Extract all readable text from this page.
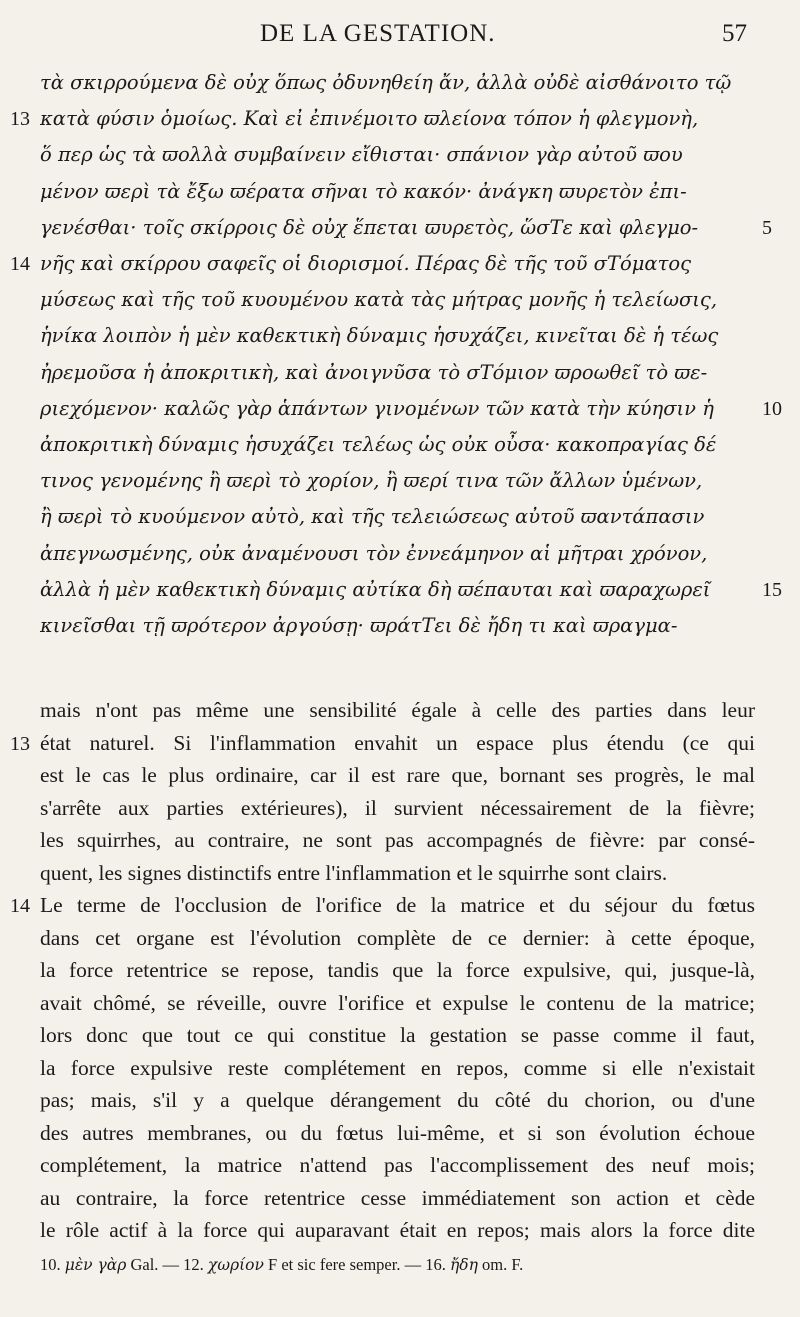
DE LA GESTATION.	57
τὰ σκιρρούμενα δὲ οὐχ ὅπως ὀδυνηθείη ἄν, ἀλλὰ οὐδὲ αἰσθάνοιτο τῷ
κατὰ φύσιν ὁμοίως. Καὶ εἰ ἐπινέμοιτο ϖλείονα τόπον ἡ φλεγμονὴ,
ὅ περ ὡς τὰ ϖολλὰ συμβαίνειν εἴθισται· σπάνιον γὰρ αὐτοῦ ϖου
μένον ϖερὶ τὰ ἔξω ϖέρατα σῆναι τὸ κακόν· ἀνάγκη ϖυρετὸν ἐπι-
γενέσθαι· τοῖς σκίρροις δὲ οὐχ ἕπεται ϖυρετὸς, ὥσΤε καὶ φλεγμο-
νῆς καὶ σκίρρου σαφεῖς οἱ διορισμοί. Πέρας δὲ τῆς τοῦ σΤόματος
μύσεως καὶ τῆς τοῦ κυουμένου κατὰ τὰς μήτρας μονῆς ἡ τελείωσις,
ἡνίκα λοιπὸν ἡ μὲν καθεκτικὴ δύναμις ἡσυχάζει, κινεῖται δὲ ἡ τέως
ἠρεμοῦσα ἡ ἀποκριτικὴ, καὶ ἀνοιγνῦσα τὸ σΤόμιον ϖροωθεῖ τὸ ϖε-
ριεχόμενον· καλῶς γὰρ ἁπάντων γινομένων τῶν κατὰ τὴν κύησιν ἡ
ἀποκριτικὴ δύναμις ἡσυχάζει τελέως ὡς οὐκ οὖσα· κακοπραγίας δέ
τινος γενομένης ἢ ϖερὶ τὸ χορίον, ἢ ϖερί τινα τῶν ἄλλων ὑμένων,
ἢ ϖερὶ τὸ κυούμενον αὐτὸ, καὶ τῆς τελειώσεως αὐτοῦ ϖαντάπασιν
ἀπεγνωσμένης, οὐκ ἀναμένουσι τὸν ἐννεάμηνον αἱ μῆτραι χρόνον,
ἀλλὰ ἡ μὲν καθεκτικὴ δύναμις αὐτίκα δὴ ϖέπαυται καὶ ϖαραχωρεῖ
κινεῖσθαι τῇ ϖρότερον ἀργούσῃ· ϖράτΤει δὲ ἤδη τι καὶ ϖραγμα-
mais n'ont pas même une sensibilité égale à celle des parties dans leur
état naturel. Si l'inflammation envahit un espace plus étendu (ce qui
est le cas le plus ordinaire, car il est rare que, bornant ses progrès, le mal
s'arrête aux parties extérieures), il survient nécessairement de la fièvre;
les squirrhes, au contraire, ne sont pas accompagnés de fièvre: par consé-
quent, les signes distinctifs entre l'inflammation et le squirrhe sont clairs.
Le terme de l'occlusion de l'orifice de la matrice et du séjour du fœtus
dans cet organe est l'évolution complète de ce dernier: à cette époque,
la force retentrice se repose, tandis que la force expulsive, qui, jusque-là,
avait chômé, se réveille, ouvre l'orifice et expulse le contenu de la matrice;
lors donc que tout ce qui constitue la gestation se passe comme il faut,
la force expulsive reste complétement en repos, comme si elle n'existait
pas; mais, s'il y a quelque dérangement du côté du chorion, ou d'une
des autres membranes, ou du fœtus lui-même, et si son évolution échoue
complétement, la matrice n'attend pas l'accomplissement des neuf mois;
au contraire, la force retentrice cesse immédiatement son action et cède
le rôle actif à la force qui auparavant était en repos; mais alors la force dite
13
14
5
10
15
13
14
10. μὲν γὰρ Gal. — 12. χωρίον F et sic fere semper. — 16. ἤδη om. F.
